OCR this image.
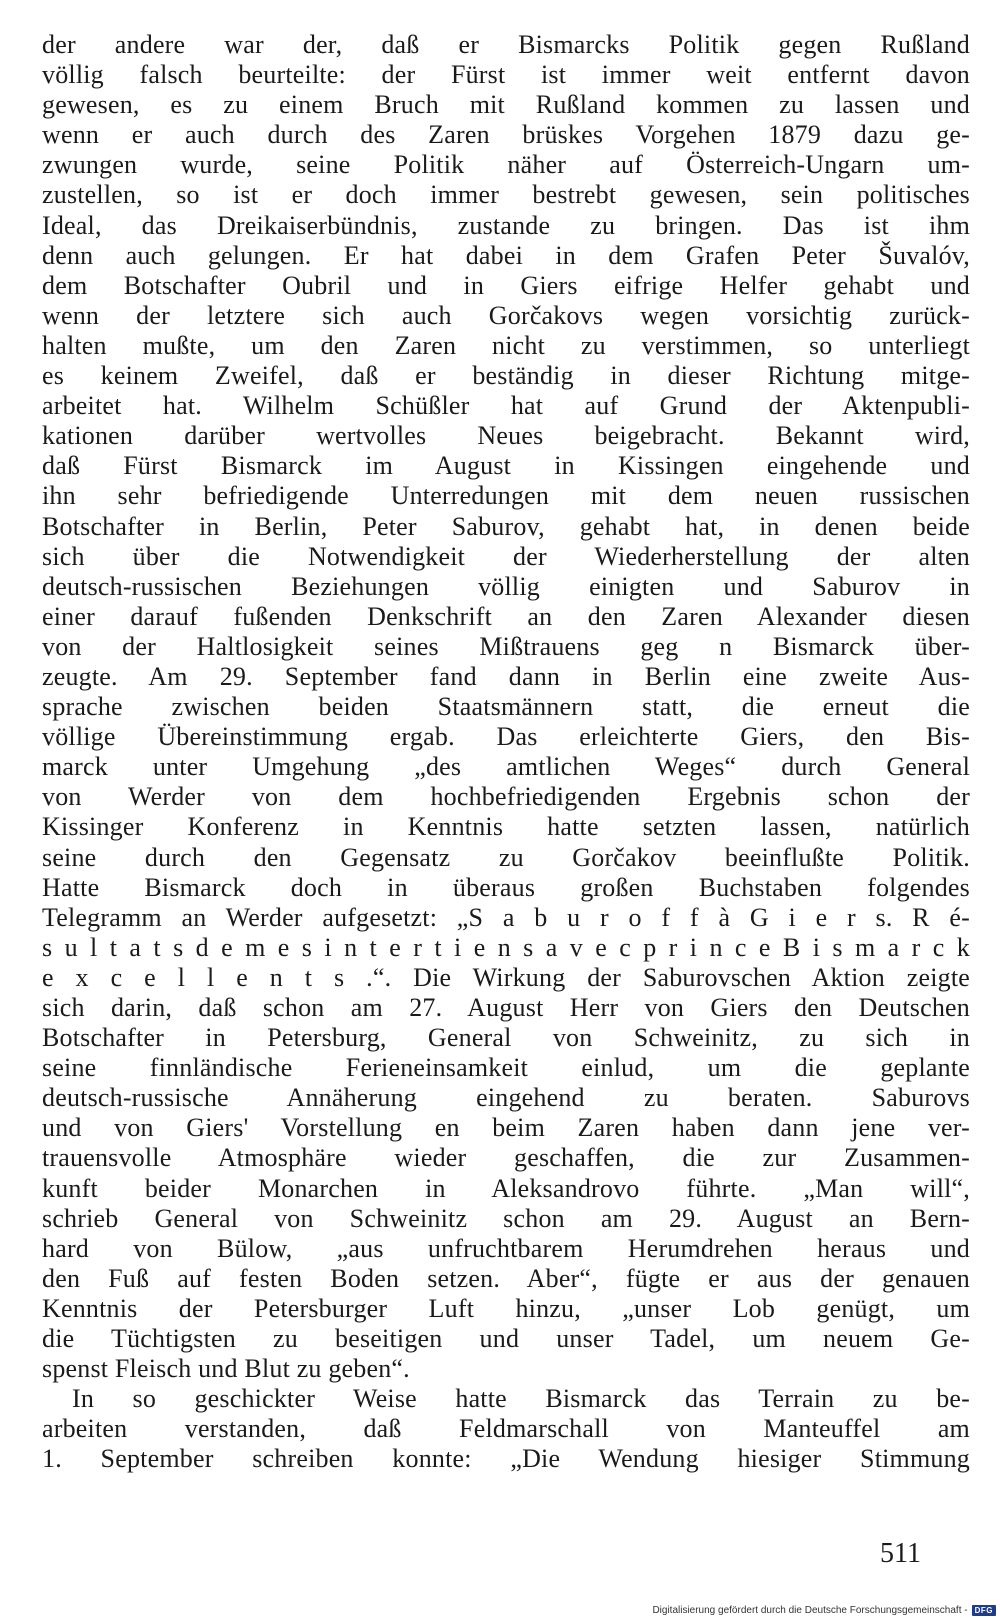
der andere war der, daß er Bismarcks Politik gegen Rußland
völlig falsch beurteilte: der Fürst ist immer weit entfernt davon
gewesen, es zu einem Bruch mit Rußland kommen zu lassen und
wenn er auch durch des Zaren brüskes Vorgehen 1879 dazu ge-
zwungen wurde, seine Politik näher auf Österreich-Ungarn um-
zustellen, so ist er doch immer bestrebt gewesen, sein politisches
Ideal, das Dreikaiserbündnis, zustande zu bringen. Das ist ihm
denn auch gelungen. Er hat dabei in dem Grafen Peter Šuvalóv,
dem Botschafter Oubril und in Giers eifrige Helfer gehabt und
wenn der letztere sich auch Gorčakovs wegen vorsichtig zurück-
halten mußte, um den Zaren nicht zu verstimmen, so unterliegt
es keinem Zweifel, daß er beständig in dieser Richtung mitge-
arbeitet hat. Wilhelm Schüßler hat auf Grund der Aktenpubli-
kationen darüber wertvolles Neues beigebracht. Bekannt wird,
daß Fürst Bismarck im August in Kissingen eingehende und
ihn sehr befriedigende Unterredungen mit dem neuen russischen
Botschafter in Berlin, Peter Saburov, gehabt hat, in denen beide
sich über die Notwendigkeit der Wiederherstellung der alten
deutsch-russischen Beziehungen völlig einigten und Saburov in
einer darauf fußenden Denkschrift an den Zaren Alexander diesen
von der Haltlosigkeit seines Mißtrauens geg n Bismarck über-
zeugte. Am 29. September fand dann in Berlin eine zweite Aus-
sprache zwischen beiden Staatsmännern statt, die erneut die
völlige Übereinstimmung ergab. Das erleichterte Giers, den Bis-
marck unter Umgehung „des amtlichen Weges“ durch General
von Werder von dem hochbefriedigenden Ergebnis schon der
Kissinger Konferenz in Kenntnis hatte setzten lassen, natürlich
seine durch den Gegensatz zu Gorčakov beeinflußte Politik.
Hatte Bismarck doch in überaus großen Buchstaben folgendes
Telegramm an Werder aufgesetzt: „S a b u r o f f à G i e r s. R é-
s u l t a t s d e m e s i n t e r t i e n s a v e c p r i n c e B i s m a r c k
e x c e l l e n t s .“. Die Wirkung der Saburovschen Aktion zeigte
sich darin, daß schon am 27. August Herr von Giers den Deutschen
Botschafter in Petersburg, General von Schweinitz, zu sich in
seine finnländische Ferieneinsamkeit einlud, um die geplante
deutsch-russische Annäherung eingehend zu beraten. Saburovs
und von Giers' Vorstellung en beim Zaren haben dann jene ver-
trauensvolle Atmosphäre wieder geschaffen, die zur Zusammen-
kunft beider Monarchen in Aleksandrovo führte. „Man will“,
schrieb General von Schweinitz schon am 29. August an Bern-
hard von Bülow, „aus unfruchtbarem Herumdrehen heraus und
den Fuß auf festen Boden setzen. Aber“, fügte er aus der genauen
Kenntnis der Petersburger Luft hinzu, „unser Lob genügt, um
die Tüchtigsten zu beseitigen und unser Tadel, um neuem Ge-
spenst Fleisch und Blut zu geben“.
In so geschickter Weise hatte Bismarck das Terrain zu be-
arbeiten verstanden, daß Feldmarschall von Manteuffel am
1. September schreiben konnte: „Die Wendung hiesiger Stimmung
511
Digitalisierung gefördert durch die Deutsche Forschungsgemeinschaft - DFG
